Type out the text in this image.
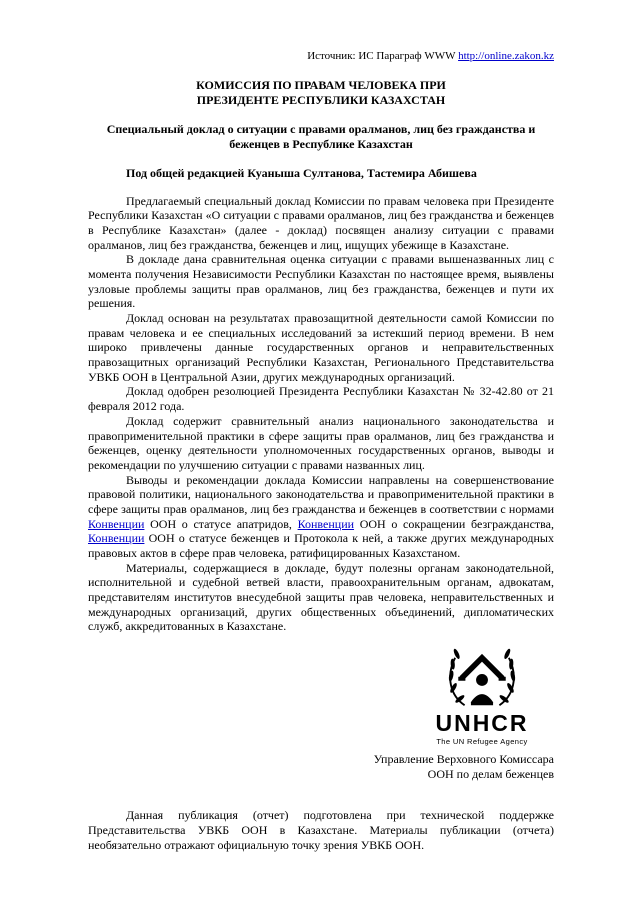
Источник: ИС Параграф WWW http://online.zakon.kz
КОМИССИЯ ПО ПРАВАМ ЧЕЛОВЕКА ПРИ
ПРЕЗИДЕНТЕ РЕСПУБЛИКИ КАЗАХСТАН
Специальный доклад о ситуации с правами оралманов, лиц без гражданства и беженцев в Республике Казахстан
Под общей редакцией Куаныша Султанова, Тастемира Абишева

Предлагаемый специальный доклад Комиссии по правам человека при Президенте Республики Казахстан «О ситуации с правами оралманов, лиц без гражданства и беженцев в Республике Казахстан» (далее - доклад) посвящен анализу ситуации с правами оралманов, лиц без гражданства, беженцев и лиц, ищущих убежище в Казахстане.

В докладе дана сравнительная оценка ситуации с правами вышеназванных лиц с момента получения Независимости Республики Казахстан по настоящее время, выявлены узловые проблемы защиты прав оралманов, лиц без гражданства, беженцев и пути их решения.

Доклад основан на результатах правозащитной деятельности самой Комиссии по правам человека и ее специальных исследований за истекший период времени. В нем широко привлечены данные государственных органов и неправительственных правозащитных организаций Республики Казахстан, Регионального Представительства УВКБ ООН в Центральной Азии, других международных организаций.

Доклад одобрен резолюцией Президента Республики Казахстан № 32-42.80 от 21 февраля 2012 года.

Доклад содержит сравнительный анализ национального законодательства и правоприменительной практики в сфере защиты прав оралманов, лиц без гражданства и беженцев, оценку деятельности уполномоченных государственных органов, выводы и рекомендации по улучшению ситуации с правами названных лиц.

Выводы и рекомендации доклада Комиссии направлены на совершенствование правовой политики, национального законодательства и правоприменительной практики в сфере защиты прав оралманов, лиц без гражданства и беженцев в соответствии с нормами Конвенции ООН о статусе апатридов, Конвенции ООН о сокращении безгражданства, Конвенции ООН о статусе беженцев и Протокола к ней, а также других международных правовых актов в сфере прав человека, ратифицированных Казахстаном.

Материалы, содержащиеся в докладе, будут полезны органам законодательной, исполнительной и судебной ветвей власти, правоохранительным органам, адвокатам, представителям институтов внесудебной защиты прав человека, неправительственных и международных организаций, других общественных объединений, дипломатических служб, аккредитованных в Казахстане.

UNHCR
The UN Refugee Agency
Управление Верховного Комиссара
ООН по делам беженцев

Данная публикация (отчет) подготовлена при технической поддержке Представительства УВКБ ООН в Казахстане. Материалы публикации (отчета) необязательно отражают официальную точку зрения УВКБ ООН.
